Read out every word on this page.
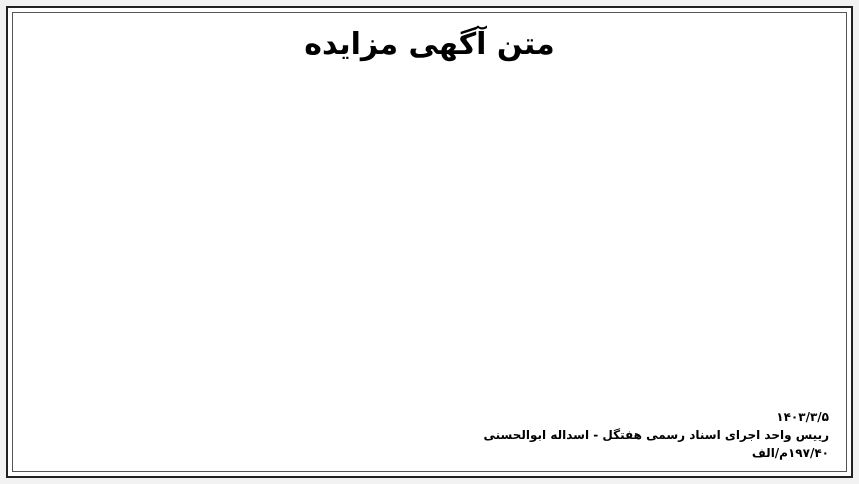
متن آگهی مزایده
۱۴۰۳/۳/۵
رییس واحد اجرای اسناد رسمی هفتگل - اسداله ابوالحسنی
۱۹۷/۴۰م/الف
